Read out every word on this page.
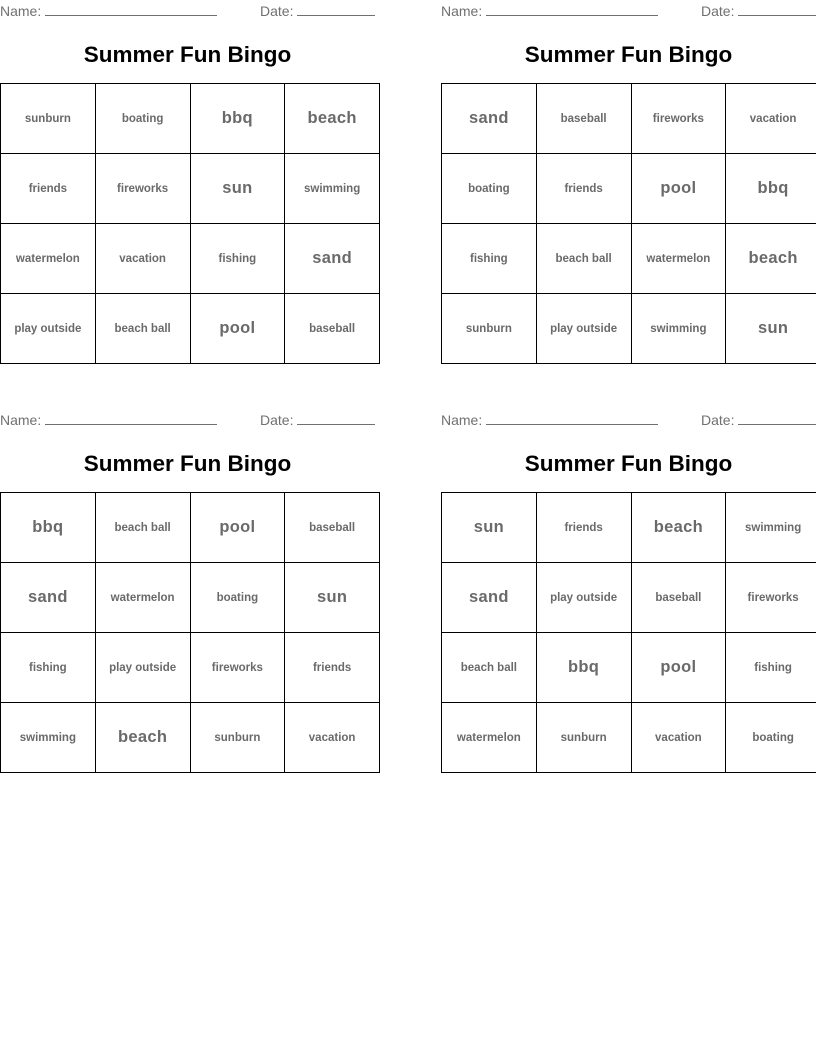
Name:	Date:
Summer Fun Bingo
sunburn	boating	bbq	beach
friends	fireworks	sun	swimming
watermelon	vacation	fishing	sand
play outside	beach ball	pool	baseball
Name:	Date:
Summer Fun Bingo
sand	baseball	fireworks	vacation
boating	friends	pool	bbq
fishing	beach ball	watermelon	beach
sunburn	play outside	swimming	sun
Name:	Date:
Summer Fun Bingo
bbq	beach ball	pool	baseball
sand	watermelon	boating	sun
fishing	play outside	fireworks	friends
swimming	beach	sunburn	vacation
Name:	Date:
Summer Fun Bingo
sun	friends	beach	swimming
sand	play outside	baseball	fireworks
beach ball	bbq	pool	fishing
watermelon	sunburn	vacation	boating
